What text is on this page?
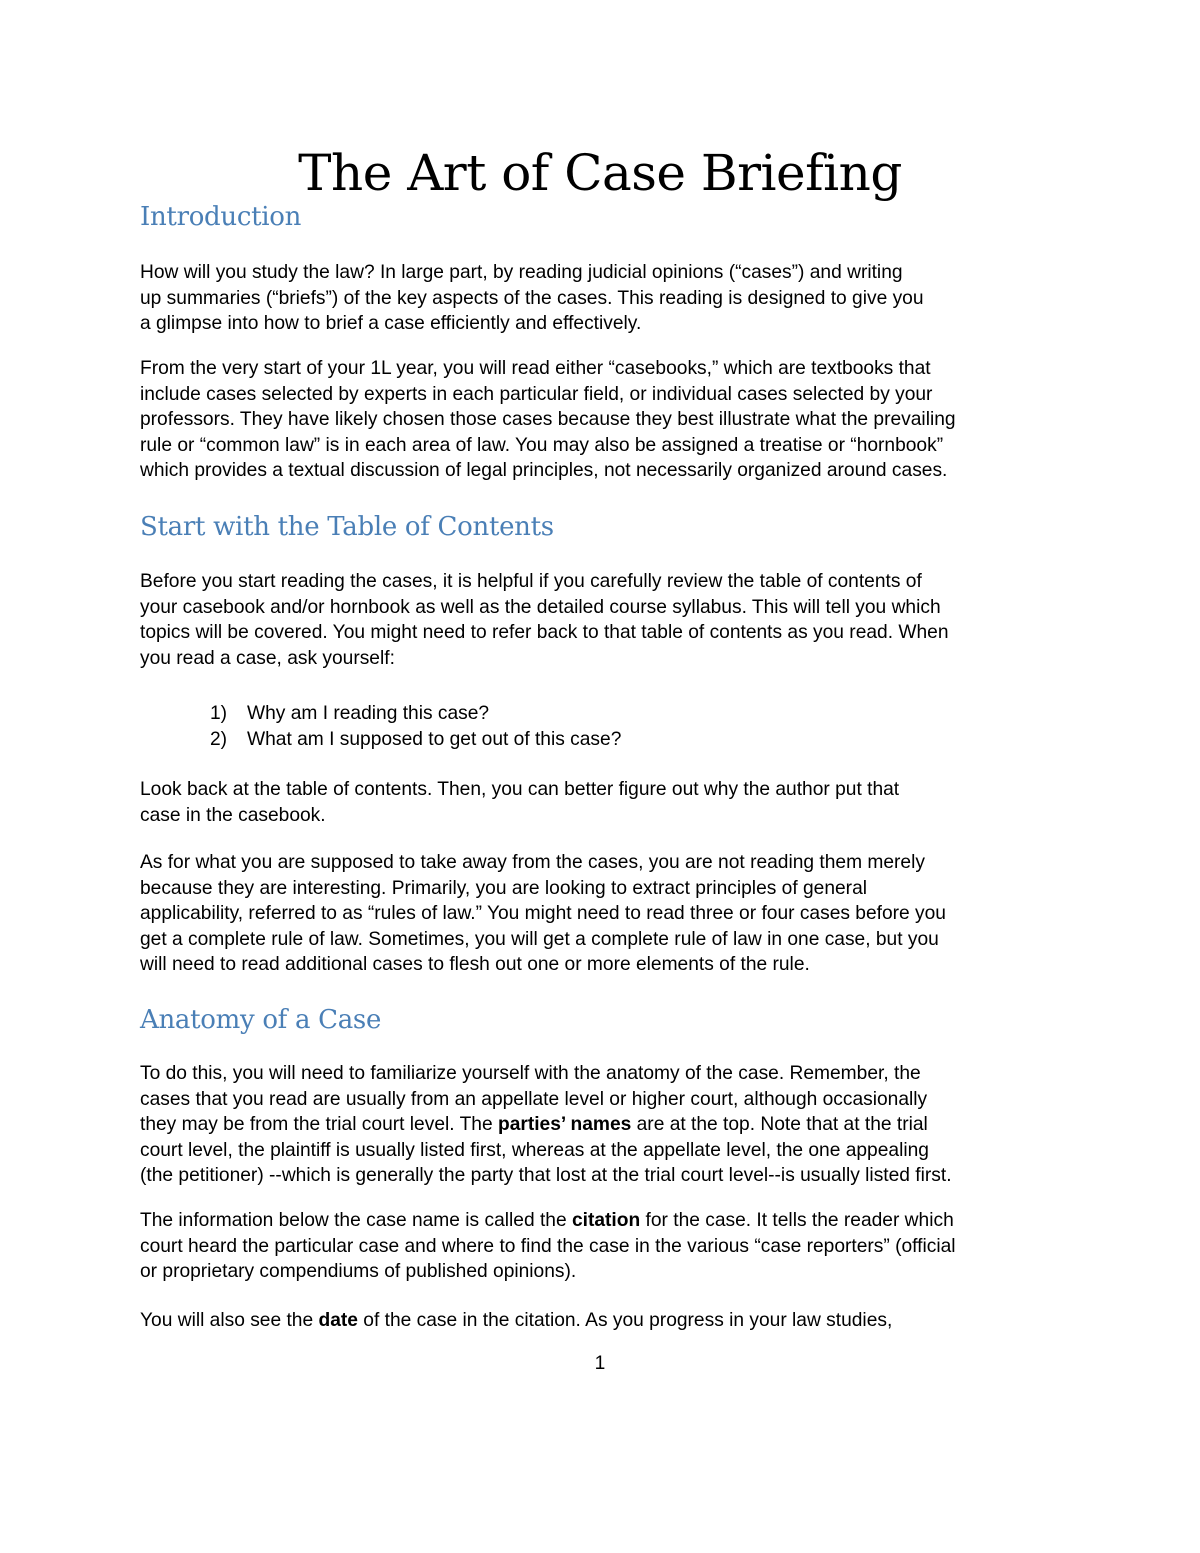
The Art of Case Briefing
Introduction

How will you study the law? In large part, by reading judicial opinions (“cases”) and writing
up summaries (“briefs”) of the key aspects of the cases. This reading is designed to give you
a glimpse into how to brief a case efficiently and effectively.

From the very start of your 1L year, you will read either “casebooks,” which are textbooks that
include cases selected by experts in each particular field, or individual cases selected by your
professors. They have likely chosen those cases because they best illustrate what the prevailing
rule or “common law” is in each area of law. You may also be assigned a treatise or “hornbook”
which provides a textual discussion of legal principles, not necessarily organized around cases.

Start with the Table of Contents

Before you start reading the cases, it is helpful if you carefully review the table of contents of
your casebook and/or hornbook as well as the detailed course syllabus. This will tell you which
topics will be covered. You might need to refer back to that table of contents as you read. When
you read a case, ask yourself:

1) Why am I reading this case?
2) What am I supposed to get out of this case?

Look back at the table of contents. Then, you can better figure out why the author put that
case in the casebook.

As for what you are supposed to take away from the cases, you are not reading them merely
because they are interesting. Primarily, you are looking to extract principles of general
applicability, referred to as “rules of law.” You might need to read three or four cases before you
get a complete rule of law. Sometimes, you will get a complete rule of law in one case, but you
will need to read additional cases to flesh out one or more elements of the rule.

Anatomy of a Case

To do this, you will need to familiarize yourself with the anatomy of the case. Remember, the
cases that you read are usually from an appellate level or higher court, although occasionally
they may be from the trial court level. The parties’ names are at the top. Note that at the trial
court level, the plaintiff is usually listed first, whereas at the appellate level, the one appealing
(the petitioner) --which is generally the party that lost at the trial court level--is usually listed first.

The information below the case name is called the citation for the case. It tells the reader which
court heard the particular case and where to find the case in the various “case reporters” (official
or proprietary compendiums of published opinions).

You will also see the date of the case in the citation. As you progress in your law studies,

1
